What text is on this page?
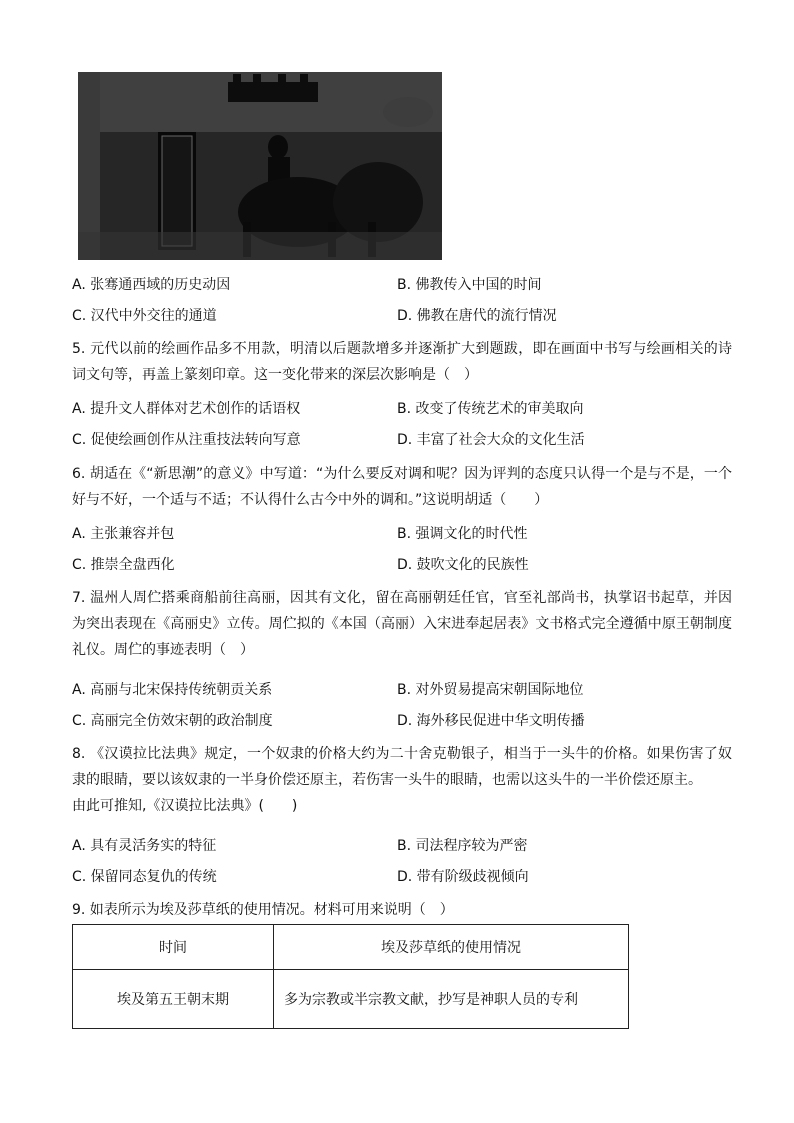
A. 张骞通西域的历史动因	B. 佛教传入中国的时间
C. 汉代中外交往的通道	D. 佛教在唐代的流行情况

5. 元代以前的绘画作品多不用款，明清以后题款增多并逐渐扩大到题跋，即在画面中书写与绘画相关的诗词文句等，再盖上篆刻印章。这一变化带来的深层次影响是（　）

A. 提升文人群体对艺术创作的话语权	B. 改变了传统艺术的审美取向
C. 促使绘画创作从注重技法转向写意	D. 丰富了社会大众的文化生活

6. 胡适在《“新思潮”的意义》中写道：“为什么要反对调和呢？因为评判的态度只认得一个是与不是，一个好与不好，一个适与不适；不认得什么古今中外的调和。”这说明胡适（　　）

A. 主张兼容并包	B. 强调文化的时代性
C. 推崇全盘西化	D. 鼓吹文化的民族性

7. 温州人周伫搭乘商船前往高丽，因其有文化，留在高丽朝廷任官，官至礼部尚书，执掌诏书起草，并因为突出表现在《高丽史》立传。周伫拟的《本国（高丽）入宋进奉起居表》文书格式完全遵循中原王朝制度礼仪。周伫的事迹表明（　）

A. 高丽与北宋保持传统朝贡关系	B. 对外贸易提高宋朝国际地位
C. 高丽完全仿效宋朝的政治制度	D. 海外移民促进中华文明传播

8. 《汉谟拉比法典》规定，一个奴隶的价格大约为二十舍克勒银子，相当于一头牛的价格。如果伤害了奴隶的眼睛，要以该奴隶的一半身价偿还原主，若伤害一头牛的眼睛，也需以这头牛的一半价偿还原主。

由此可推知,《汉谟拉比法典》(　　)

A. 具有灵活务实的特征	B. 司法程序较为严密
C. 保留同态复仇的传统	D. 带有阶级歧视倾向

9. 如表所示为埃及莎草纸的使用情况。材料可用来说明（　）

时间	埃及莎草纸的使用情况
埃及第五王朝末期	多为宗教或半宗教文献，抄写是神职人员的专利
